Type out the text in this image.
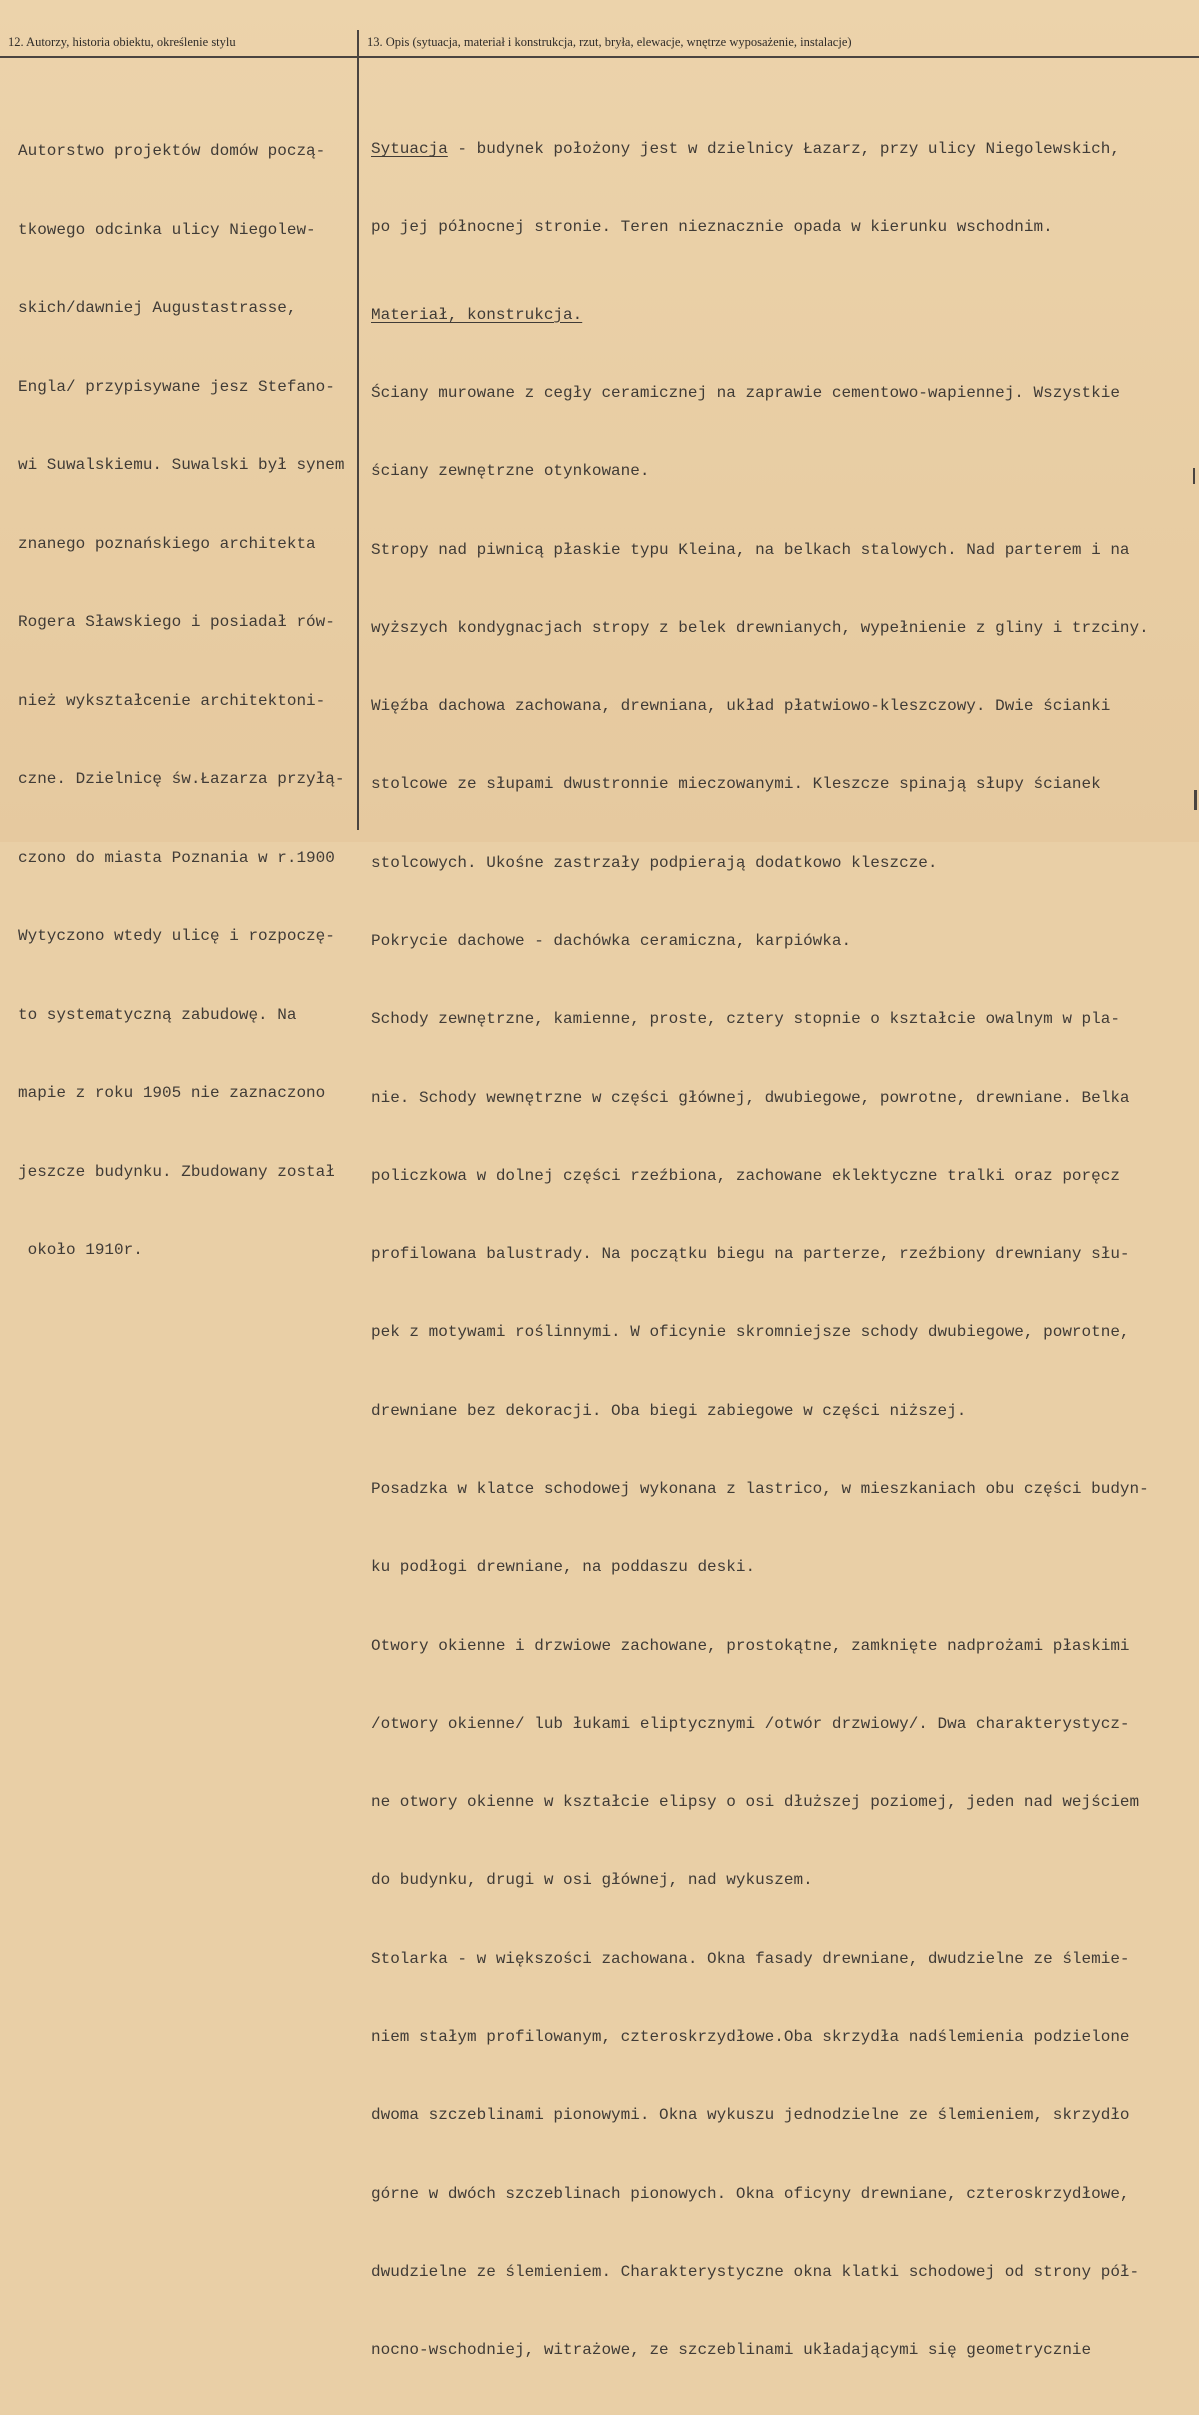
12. Autorzy, historia obiektu, określenie stylu	13. Opis (sytuacja, materiał i konstrukcja, rzut, bryła, elewacje, wnętrze wyposażenie, instalacje)

Autorstwo projektów domów począ-

tkowego odcinka ulicy Niegolew-

skich/dawniej Augustastrasse,

Engla/ przypisywane jesz Stefano-

wi Suwalskiemu. Suwalski był synem

znanego poznańskiego architekta

Rogera Sławskiego i posiadał rów-

nież wykształcenie architektoni-

czne. Dzielnicę św.Łazarza przyłą-

czono do miasta Poznania w r.1900

Wytyczono wtedy ulicę i rozpoczę-

to systematyczną zabudowę. Na

mapie z roku 1905 nie zaznaczono

jeszcze budynku. Zbudowany został

około 1910r.

Sytuacja - budynek położony jest w dzielnicy Łazarz, przy ulicy Niegolewskich,

po jej północnej stronie. Teren nieznacznie opada w kierunku wschodnim.

Materiał, konstrukcja.

Ściany murowane z cegły ceramicznej na zaprawie cementowo-wapiennej. Wszystkie

ściany zewnętrzne otynkowane.

Stropy nad piwnicą płaskie typu Kleina, na belkach stalowych. Nad parterem i na

wyższych kondygnacjach stropy z belek drewnianych, wypełnienie z gliny i trzciny.

Więźba dachowa zachowana, drewniana, układ płatwiowo-kleszczowy. Dwie ścianki

stolcowe ze słupami dwustronnie mieczowanymi. Kleszcze spinają słupy ścianek

stolcowych. Ukośne zastrzały podpierają dodatkowo kleszcze.

Pokrycie dachowe - dachówka ceramiczna, karpiówka.

Schody zewnętrzne, kamienne, proste, cztery stopnie o kształcie owalnym w pla-

nie. Schody wewnętrzne w części głównej, dwubiegowe, powrotne, drewniane. Belka

policzkowa w dolnej części rzeźbiona, zachowane eklektyczne tralki oraz poręcz

profilowana balustrady. Na początku biegu na parterze, rzeźbiony drewniany słu-

pek z motywami roślinnymi. W oficynie skromniejsze schody dwubiegowe, powrotne,

drewniane bez dekoracji. Oba biegi zabiegowe w części niższej.

Posadzka w klatce schodowej wykonana z lastrico, w mieszkaniach obu części budyn-

ku podłogi drewniane, na poddaszu deski.

Otwory okienne i drzwiowe zachowane, prostokątne, zamknięte nadprożami płaskimi

/otwory okienne/ lub łukami eliptycznymi /otwór drzwiowy/. Dwa charakterystycz-

ne otwory okienne w kształcie elipsy o osi dłuższej poziomej, jeden nad wejściem

do budynku, drugi w osi głównej, nad wykuszem.

Stolarka - w większości zachowana. Okna fasady drewniane, dwudzielne ze ślemie-

niem stałym profilowanym, czteroskrzydłowe.Oba skrzydła nadślemienia podzielone

dwoma szczeblinami pionowymi. Okna wykuszu jednodzielne ze ślemieniem, skrzydło

górne w dwóch szczeblinach pionowych. Okna oficyny drewniane, czteroskrzydłowe,

dwudzielne ze ślemieniem. Charakterystyczne okna klatki schodowej od strony pół-

nocno-wschodniej, witrażowe, ze szczeblinami układającymi się geometrycznie
